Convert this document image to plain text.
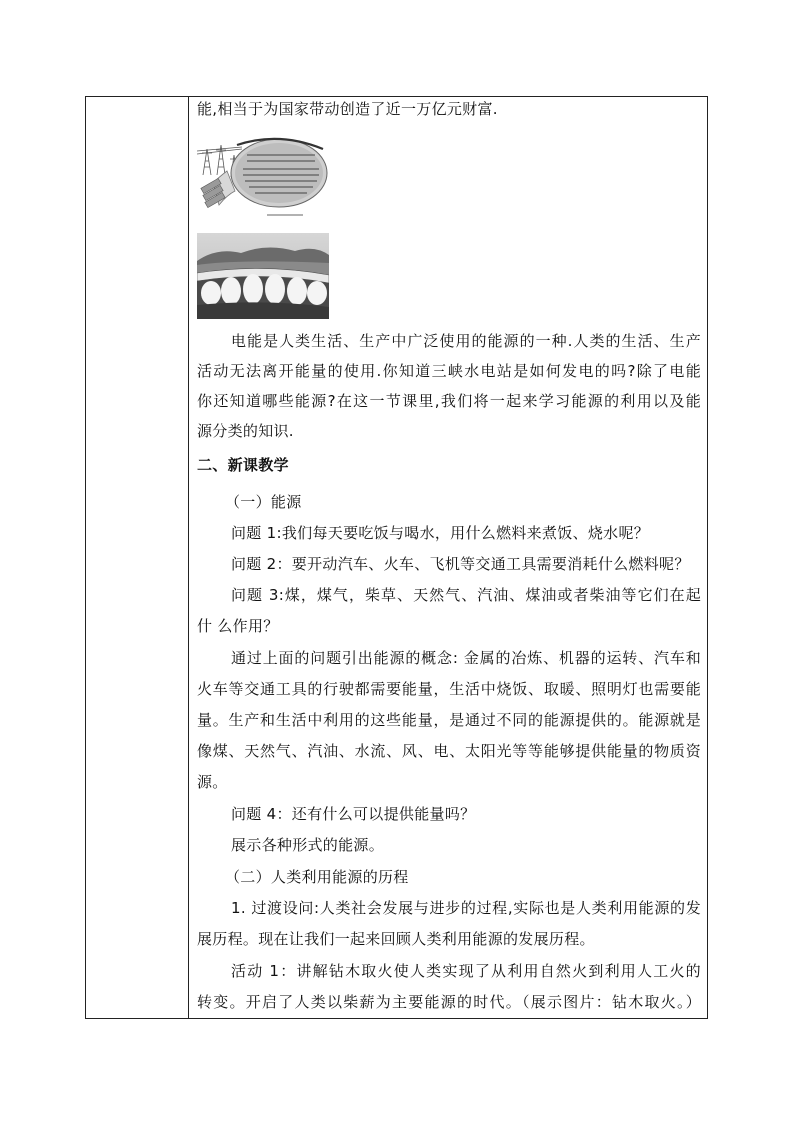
能,相当于为国家带动创造了近一万亿元财富.
电能是人类生活、生产中广泛使用的能源的一种.人类的生活、生产
活动无法离开能量的使用.你知道三峡水电站是如何发电的吗?除了电能
你还知道哪些能源?在这一节课里,我们将一起来学习能源的利用以及能
源分类的知识.
二、新课教学
（一）能源
问题 1:我们每天要吃饭与喝水，用什么燃料来煮饭、烧水呢？
问题 2：要开动汽车、火车、飞机等交通工具需要消耗什么燃料呢？
问题 3:煤，煤气，柴草、天然气、汽油、煤油或者柴油等它们在起
什 么作用？
通过上面的问题引出能源的概念: 金属的冶炼、机器的运转、汽车和
火车等交通工具的行驶都需要能量，生活中烧饭、取暖、照明灯也需要能
量。生产和生活中利用的这些能量，是通过不同的能源提供的。能源就是
像煤、天然气、汽油、水流、风、电、太阳光等等能够提供能量的物质资
源。
问题 4：还有什么可以提供能量吗？
展示各种形式的能源。
（二）人类利用能源的历程
1. 过渡设问:人类社会发展与进步的过程,实际也是人类利用能源的发
展历程。现在让我们一起来回顾人类利用能源的发展历程。
活动 1：讲解钻木取火使人类实现了从利用自然火到利用人工火的
转变。开启了人类以柴薪为主要能源的时代。（展示图片：钻木取火。）
